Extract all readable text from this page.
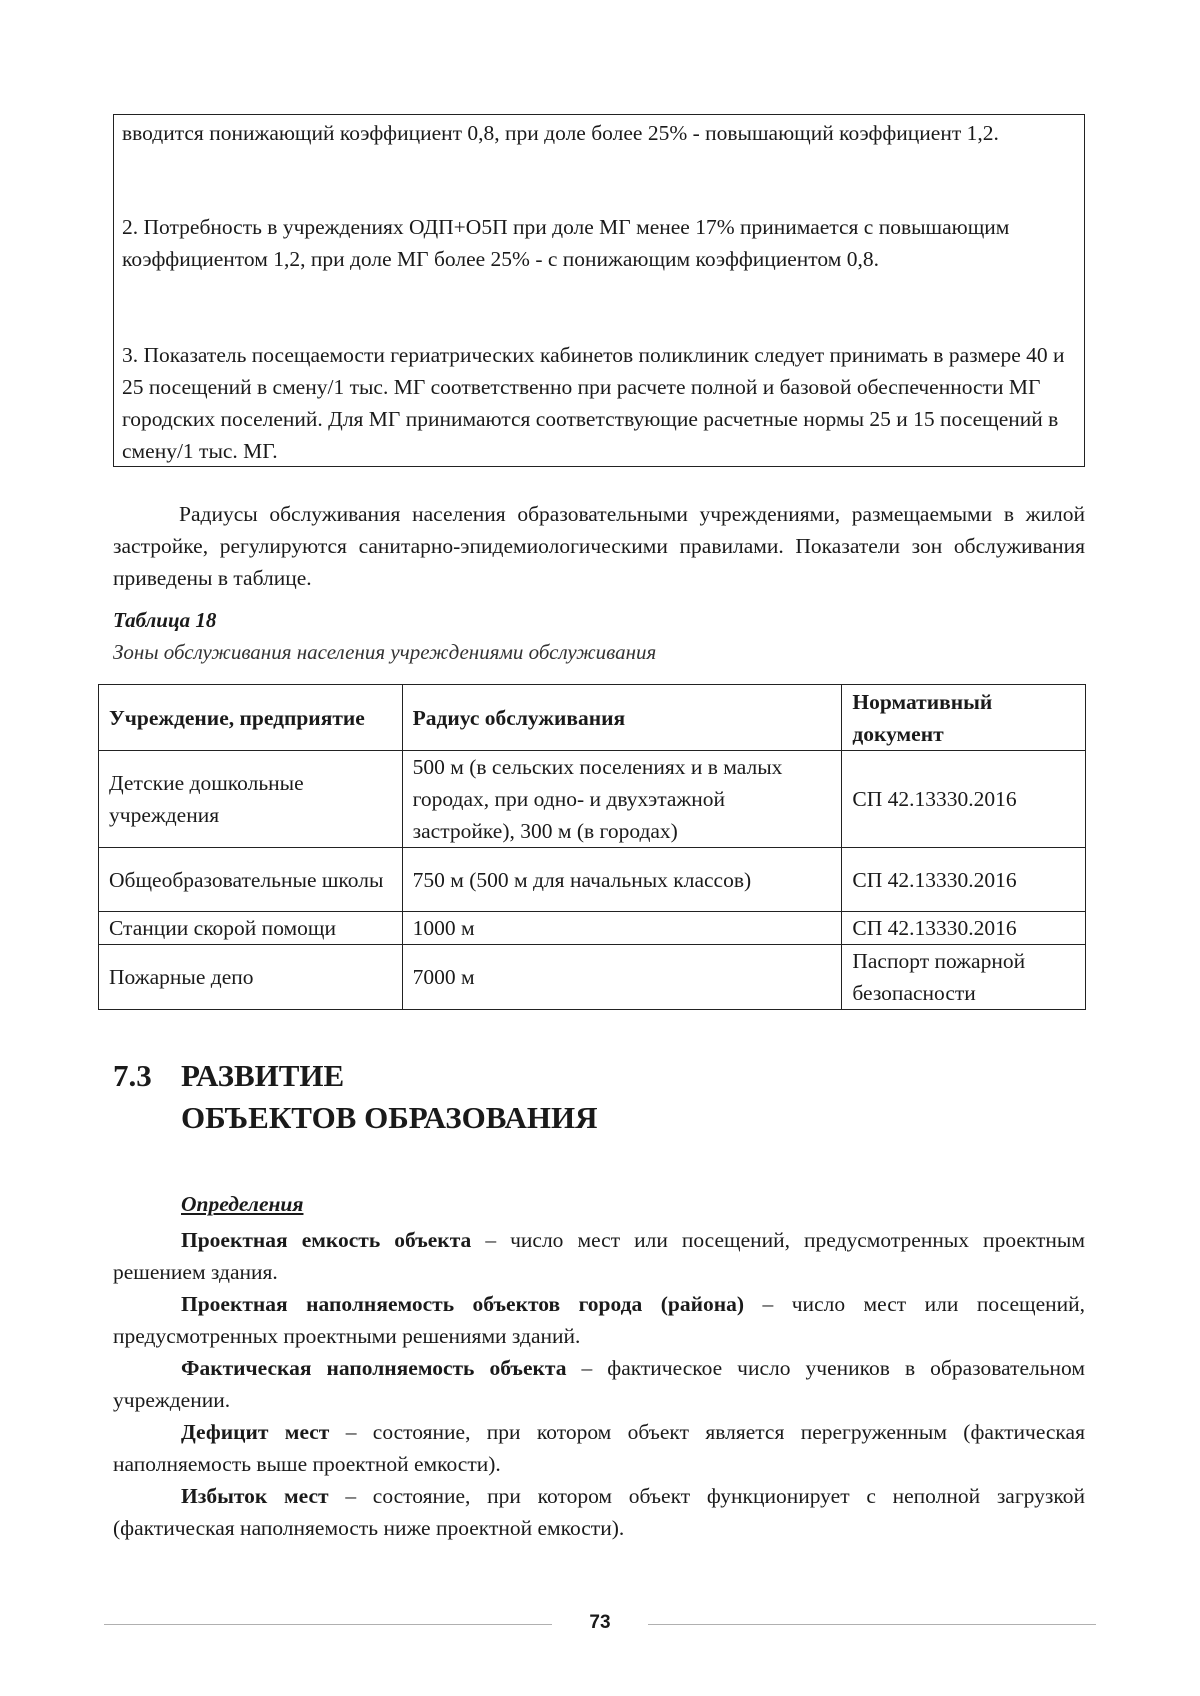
вводится понижающий коэффициент 0,8, при доле более 25% - повышающий коэффициент 1,2.

2. Потребность в учреждениях ОДП+О5П при доле МГ менее 17% принимается с повышающим коэффициентом 1,2, при доле МГ более 25% - с понижающим коэффициентом 0,8.

3. Показатель посещаемости гериатрических кабинетов поликлиник следует принимать в размере 40 и 25 посещений в смену/1 тыс. МГ соответственно при расчете полной и базовой обеспеченности МГ городских поселений. Для МГ принимаются соответствующие расчетные нормы 25 и 15 посещений в смену/1 тыс. МГ.

Радиусы обслуживания населения образовательными учреждениями, размещаемыми в жилой застройке, регулируются санитарно-эпидемиологическими правилами. Показатели зон обслуживания приведены в таблице.

Таблица 18

Зоны обслуживания населения учреждениями обслуживания

Учреждение, предприятие	Радиус обслуживания	Нормативный документ
Детские дошкольные учреждения	500 м (в сельских поселениях и в малых городах, при одно- и двухэтажной застройке), 300 м (в городах)	СП 42.13330.2016
Общеобразовательные школы	750 м (500 м для начальных классов)	СП 42.13330.2016
Станции скорой помощи	1000 м	СП 42.13330.2016
Пожарные депо	7000 м	Паспорт пожарной безопасности

7.3 РАЗВИТИЕ

ОБЪЕКТОВ ОБРАЗОВАНИЯ

Определения

Проектная емкость объекта – число мест или посещений, предусмотренных проектным решением здания.

Проектная наполняемость объектов города (района) – число мест или посещений, предусмотренных проектными решениями зданий.

Фактическая наполняемость объекта – фактическое число учеников в образовательном учреждении.

Дефицит мест – состояние, при котором объект является перегруженным (фактическая наполняемость выше проектной емкости).

Избыток мест – состояние, при котором объект функционирует с неполной загрузкой (фактическая наполняемость ниже проектной емкости).

73
